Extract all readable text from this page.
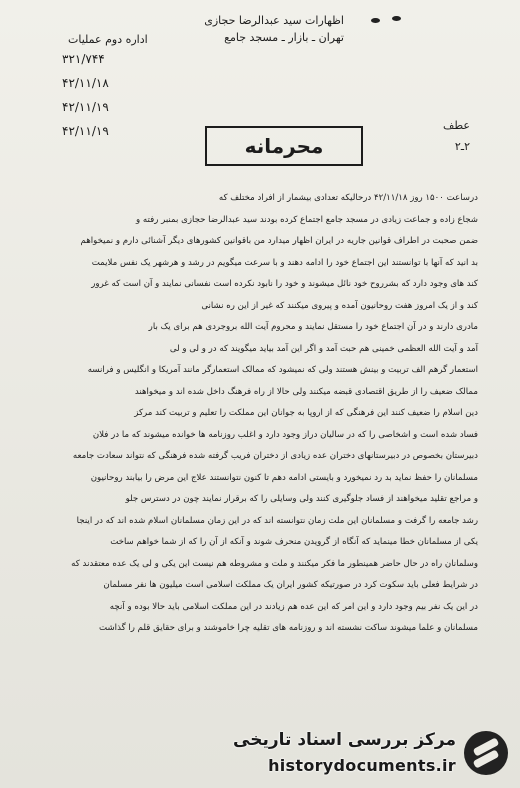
اظهارات سید عبدالرضا حجازی
تهران ـ بازار ـ مسجد جامع
اداره دوم عملیات
۳۲۱/۷۴۴
۴۲/۱۱/۱۸
۴۲/۱۱/۱۹
۴۲/۱۱/۱۹	عطف
۲ـ۲
محرمانه

درساعت ۱۵۰۰ روز ۴۲/۱۱/۱۸ درحالیکه تعدادی بیشمار از افراد مختلف که

شجاع زاده و جماعت زیادی در مسجد جامع اجتماع کرده بودند سید عبدالرضا حجازی بمنبر رفته و

ضمن صحبت در اطراف قوانین جاریه در ایران اظهار میدارد من باقوانین کشورهای دیگر آشنائی دارم و نمیخواهم

بد انید که آنها با توانستند این اجتماع خود را ادامه دهند و با سرعت میگویم در رشد و هرشهر یک نفس ملایمت

کند های وجود دارد که بشرروح خود نائل میشوند و خود را نابود نکرده است نفسانی نمایند و آن است که غرور

کند و از یک امروز هفت روحانیون آمده و پیروی میکنند که غیر از این ره نشانی

مادری دارند و در آن اجتماع خود را مستقل نمایند و محروم آیت الله بروجردی هم برای یک بار

آمد و آیت الله العظمی خمینی هم حبت آمد و اگر این آمد بیاید میگویند که در و لی و لی

استعمار گرهم الف تربیت و بینش هستند ولی که نمیشود که ممالک استعمارگر مانند آمریکا و انگلیس و فرانسه

ممالک ضعیف را از طریق اقتصادی قبضه میکنند ولی حالا از راه فرهنگ داخل شده اند و میخواهند

دین اسلام را ضعیف کنند این فرهنگی که از اروپا به جوانان این مملکت را تعلیم و تربیت کند مرکز

فساد شده است و اشخاصی را که در سالیان دراز وجود دارد و اغلب روزنامه ها خوانده میشوند که ما در فلان

دبیرستان بخصوص در دبیرستانهای دختران عده زیادی از دختران فریب گرفته شده فرهنگی که نتواند سعادت جامعه

مسلمانان را حفظ نماید بد رد نمیخورد و بایستی ادامه دهم تا کنون نتوانستند علاج این مرض را بیابند روحانیون

و مراجع تقلید میخواهند از فساد جلوگیری کنند ولی وسایلی را که برقرار نمایند چون در دسترس جلو

رشد جامعه را گرفت و مسلمانان این ملت زمان نتوانسته اند که در این زمان مسلمانان اسلام شده اند که در اینجا

یکی از مسلمانان خطا مینماید که آنگاه از گرویدن منحرف شوند و آنکه از آن را که از شما خواهم ساخت

وسلمانان راه در حال حاضر همینطور ما فکر میکنند و ملت و مشروطه هم نیست این یکی و لی یک عده معتقدند که

در شرایط فعلی باید سکوت کرد در صورتیکه کشور ایران یک مملکت اسلامی است میلیون ها نفر مسلمان

در این یک نفر بیم وجود دارد و این امر که این عده هم زیادند در این مملکت اسلامی باید حالا بوده و آنچه

مسلمانان و علما میشوند ساکت نشسته اند و روزنامه های تقلیه چرا خاموشند و برای حقایق قلم را گذاشت

مرکز بررسی اسناد تاریخی
historydocuments.ir
